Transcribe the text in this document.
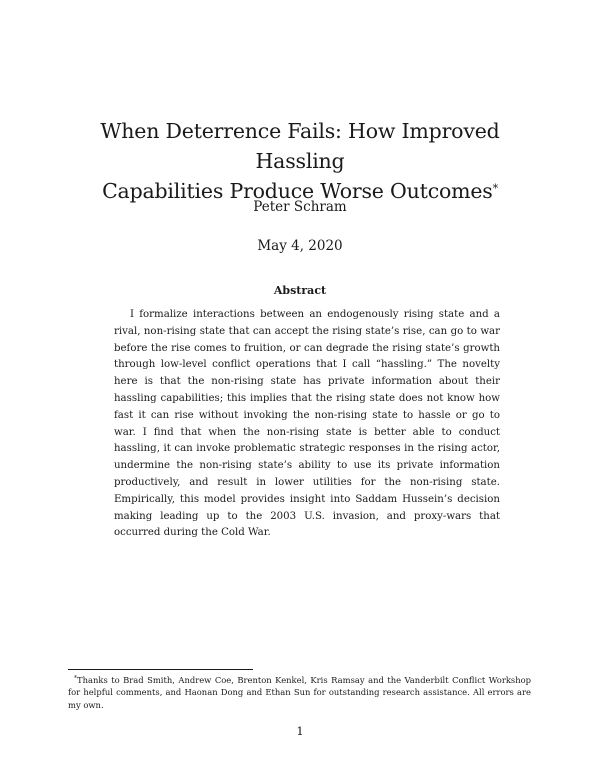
When Deterrence Fails: How Improved Hassling
Capabilities Produce Worse Outcomes*
Peter Schram
May 4, 2020
Abstract

I formalize interactions between an endogenously rising state and a rival, non-rising state that can accept the rising state’s rise, can go to war before the rise comes to fruition, or can degrade the rising state’s growth through low-level conflict operations that I call “hassling.” The novelty here is that the non-rising state has private information about their hassling capabilities; this implies that the rising state does not know how fast it can rise without invoking the non-rising state to hassle or go to war. I find that when the non-rising state is better able to conduct hassling, it can invoke problematic strategic responses in the rising actor, undermine the non-rising state’s ability to use its private information productively, and result in lower utilities for the non-rising state. Empirically, this model provides insight into Saddam Hussein’s decision making leading up to the 2003 U.S. invasion, and proxy-wars that occurred during the Cold War.

*Thanks to Brad Smith, Andrew Coe, Brenton Kenkel, Kris Ramsay and the Vanderbilt Conflict Workshop for helpful comments, and Haonan Dong and Ethan Sun for outstanding research assistance. All errors are my own.

1
